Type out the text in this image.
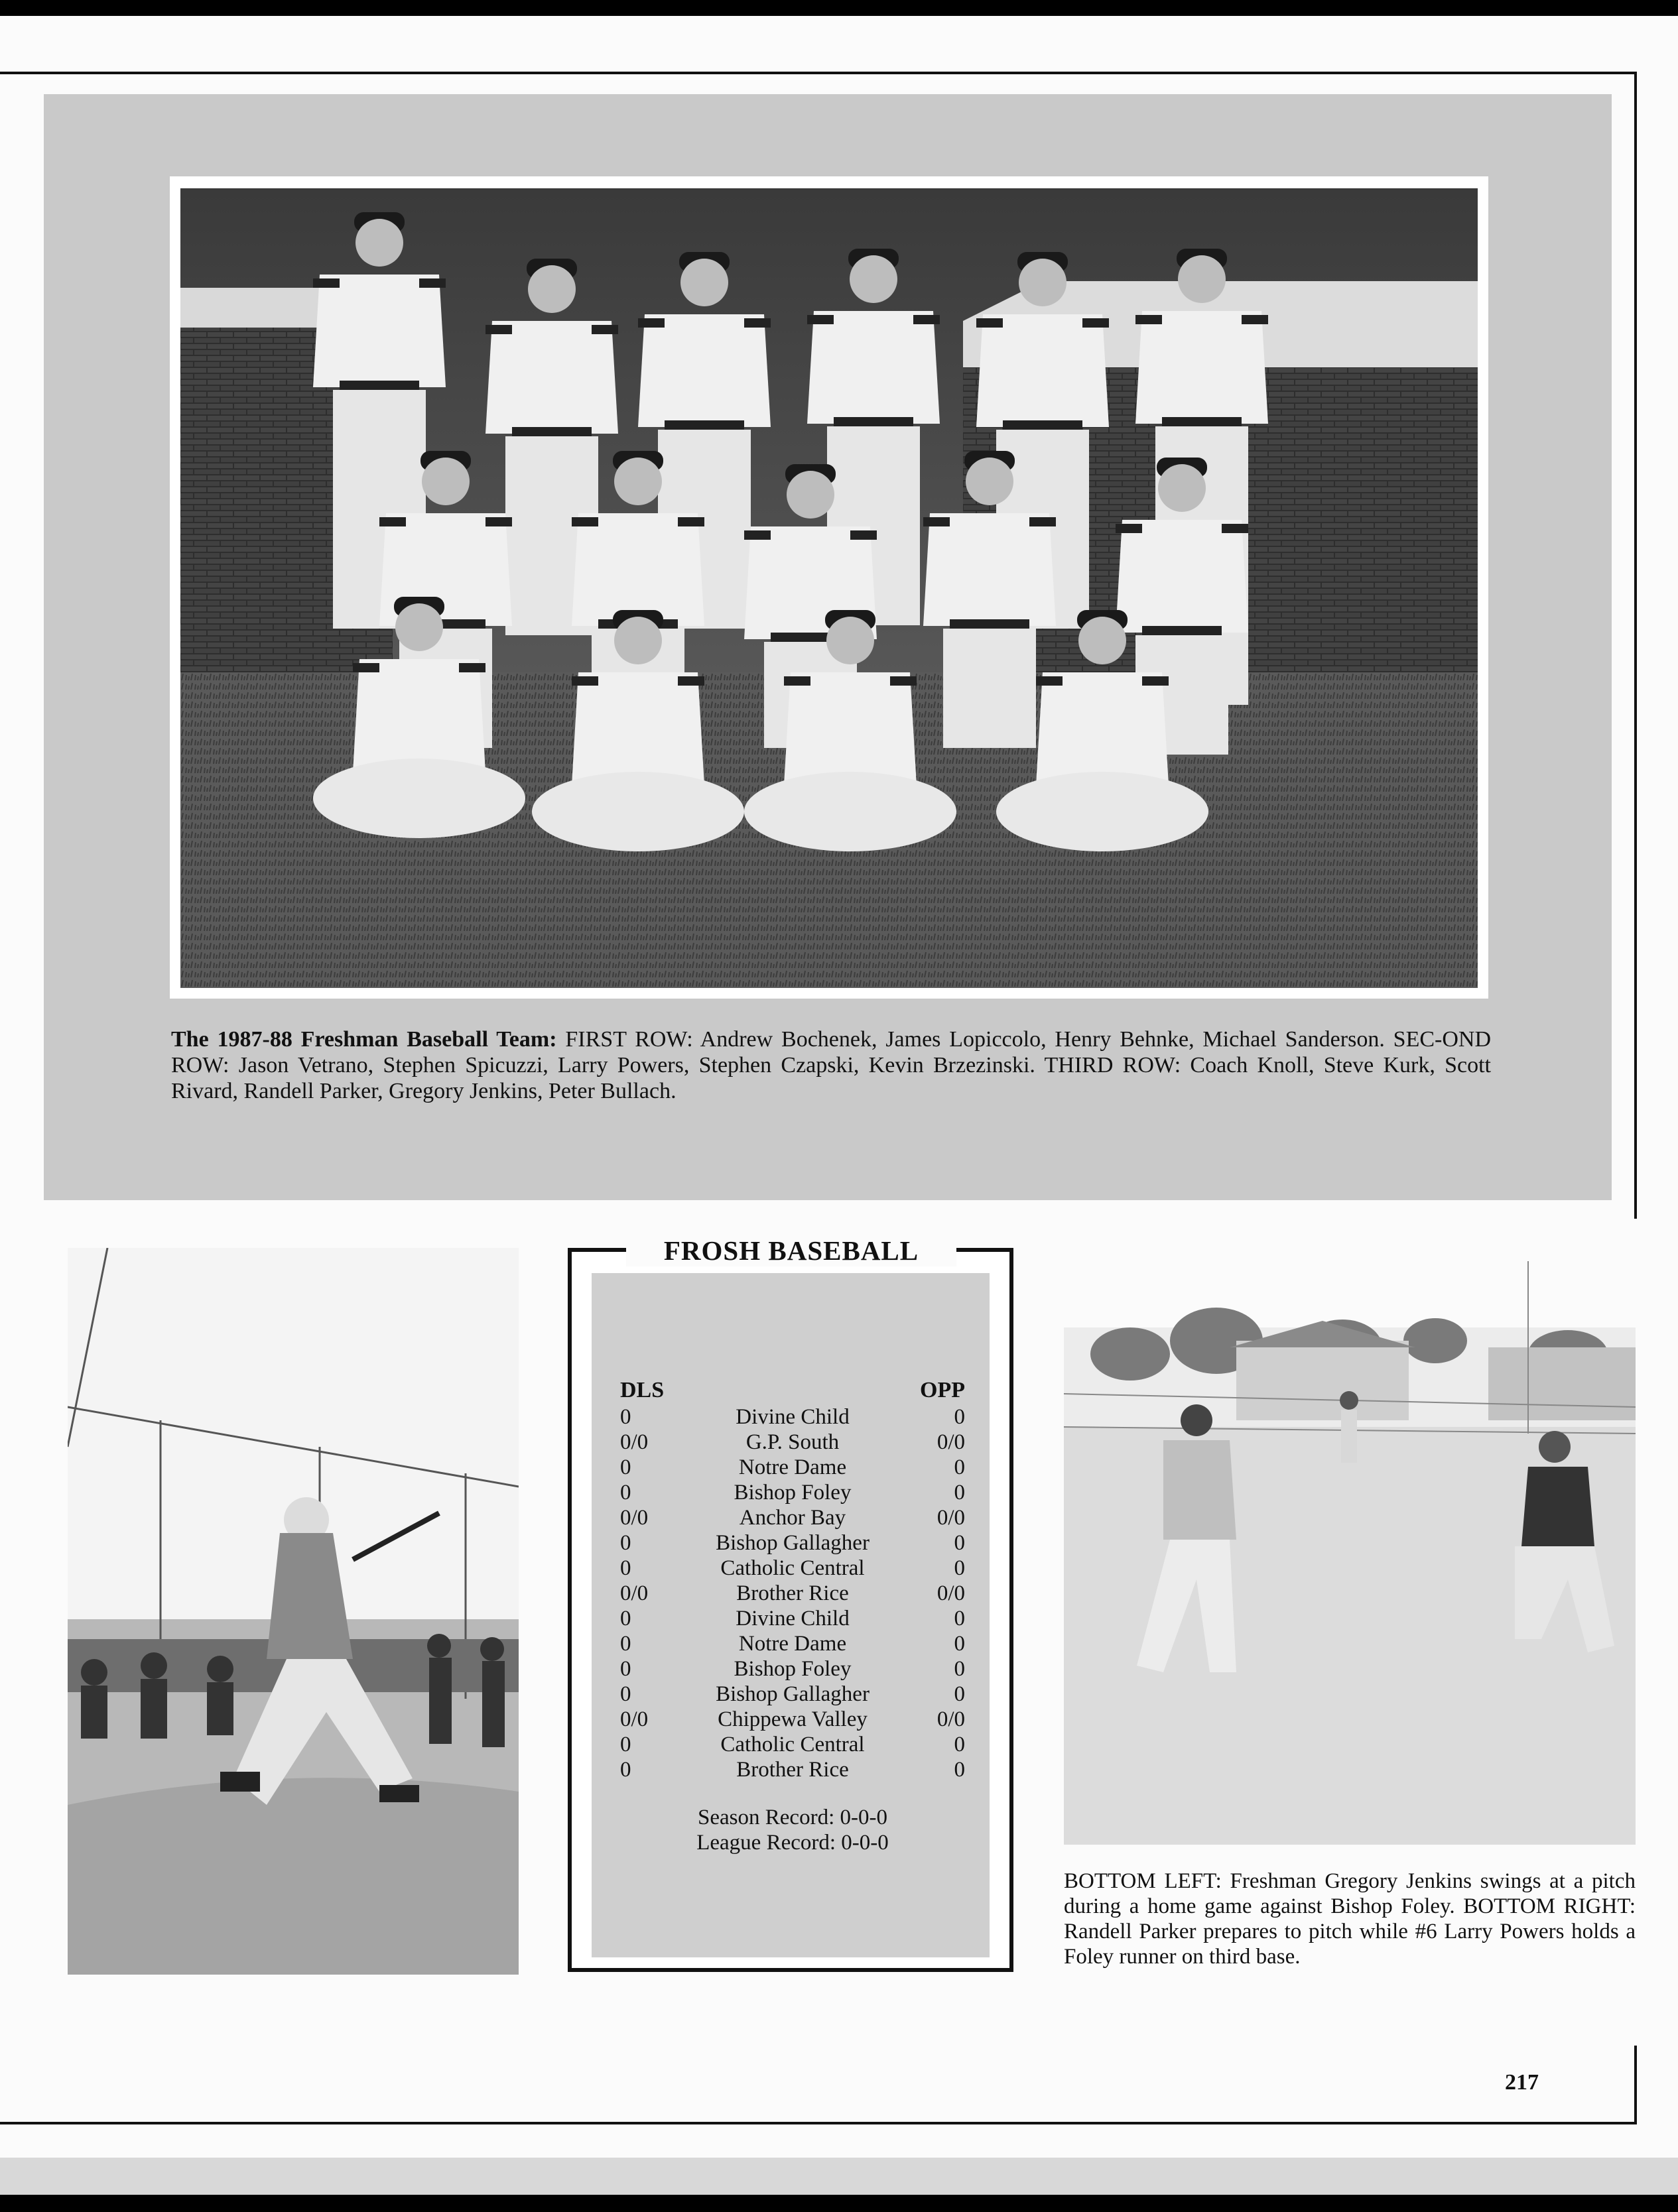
The 1987-88 Freshman Baseball Team: FIRST ROW: Andrew Bochenek, James Lopiccolo, Henry Behnke, Michael Sanderson. SEC-OND ROW: Jason Vetrano, Stephen Spicuzzi, Larry Powers, Stephen Czapski, Kevin Brzezinski. THIRD ROW: Coach Knoll, Steve Kurk, Scott Rivard, Randell Parker, Gregory Jenkins, Peter Bullach.
FROSH BASEBALL
DLS	OPP
0	Divine Child	0
0/0	G.P. South	0/0
0	Notre Dame	0
0	Bishop Foley	0
0/0	Anchor Bay	0/0
0	Bishop Gallagher	0
0	Catholic Central	0
0/0	Brother Rice	0/0
0	Divine Child	0
0	Notre Dame	0
0	Bishop Foley	0
0	Bishop Gallagher	0
0/0	Chippewa Valley	0/0
0	Catholic Central	0
0	Brother Rice	0
Season Record: 0-0-0
League Record: 0-0-0
BOTTOM LEFT: Freshman Gregory Jenkins swings at a pitch during a home game against Bishop Foley. BOTTOM RIGHT: Randell Parker prepares to pitch while #6 Larry Powers holds a Foley runner on third base.
217
